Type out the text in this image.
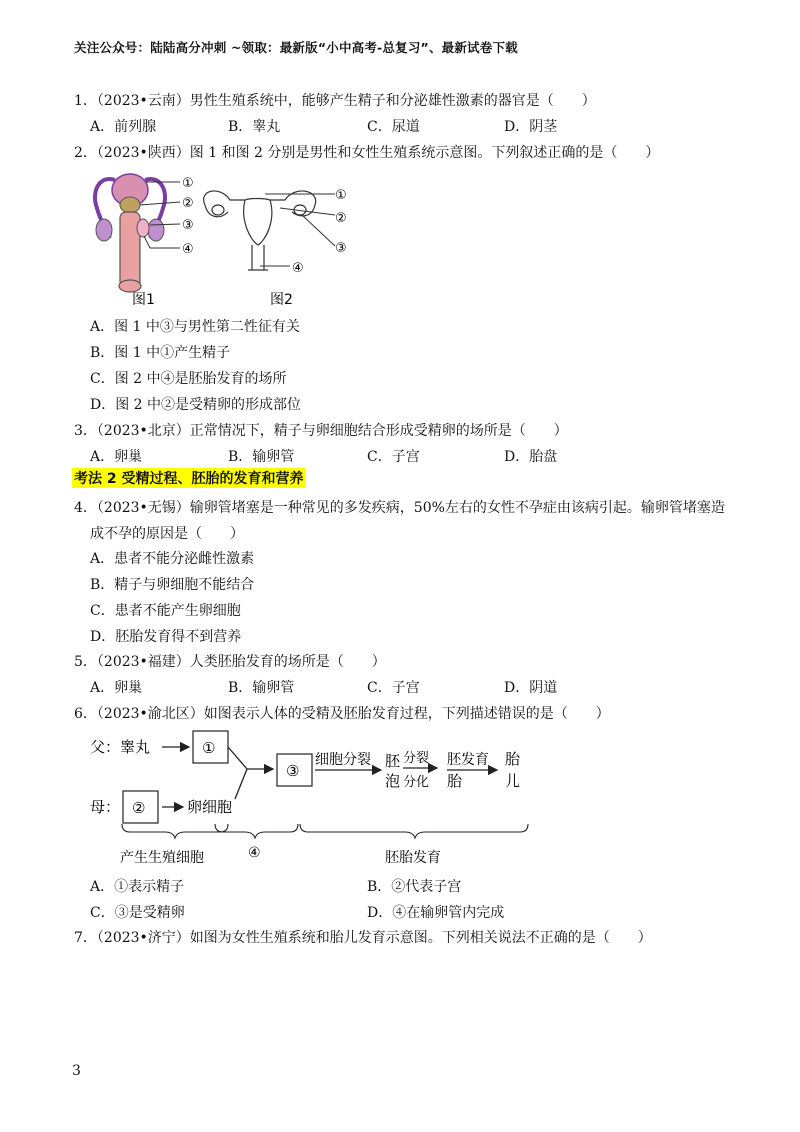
关注公众号：陆陆高分冲刺 ~领取：最新版“小中高考-总复习”、最新试卷下载
1．（2023•云南）男性生殖系统中，能够产生精子和分泌雄性激素的器官是（　　）
A．前列腺	B．睾丸	C．尿道	D．阴茎
2．（2023•陕西）图 1 和图 2 分别是男性和女性生殖系统示意图。下列叙述正确的是（　　）
①
②
③
④
图1
①
②
③
④
图2
A．图 1 中③与男性第二性征有关
B．图 1 中①产生精子
C．图 2 中④是胚胎发育的场所
D．图 2 中②是受精卵的形成部位
3．（2023•北京）正常情况下，精子与卵细胞结合形成受精卵的场所是（　　）
A．卵巢	B．输卵管	C．子宫	D．胎盘
考法 2 受精过程、胚胎的发育和营养
4．（2023•无锡）输卵管堵塞是一种常见的多发疾病，50%左右的女性不孕症由该病引起。输卵管堵塞造
成不孕的原因是（　　）
A．患者不能分泌雌性激素
B．精子与卵细胞不能结合
C．患者不能产生卵细胞
D．胚胎发育得不到营养
5．（2023•福建）人类胚胎发育的场所是（　　）
A．卵巢	B．输卵管	C．子宫	D．阴道
6．（2023•渝北区）如图表示人体的受精及胚胎发育过程，下列描述错误的是（　　）
父：睾丸	①
母： ②	卵细胞
③
细胞分裂 胚
泡
分裂
分化
胚发育
胎
胎
儿
产生生殖细胞	④	胚胎发育
A．①表示精子	B．②代表子宫
C．③是受精卵	D．④在输卵管内完成
7．（2023•济宁）如图为女性生殖系统和胎儿发育示意图。下列相关说法不正确的是（　　）
3
